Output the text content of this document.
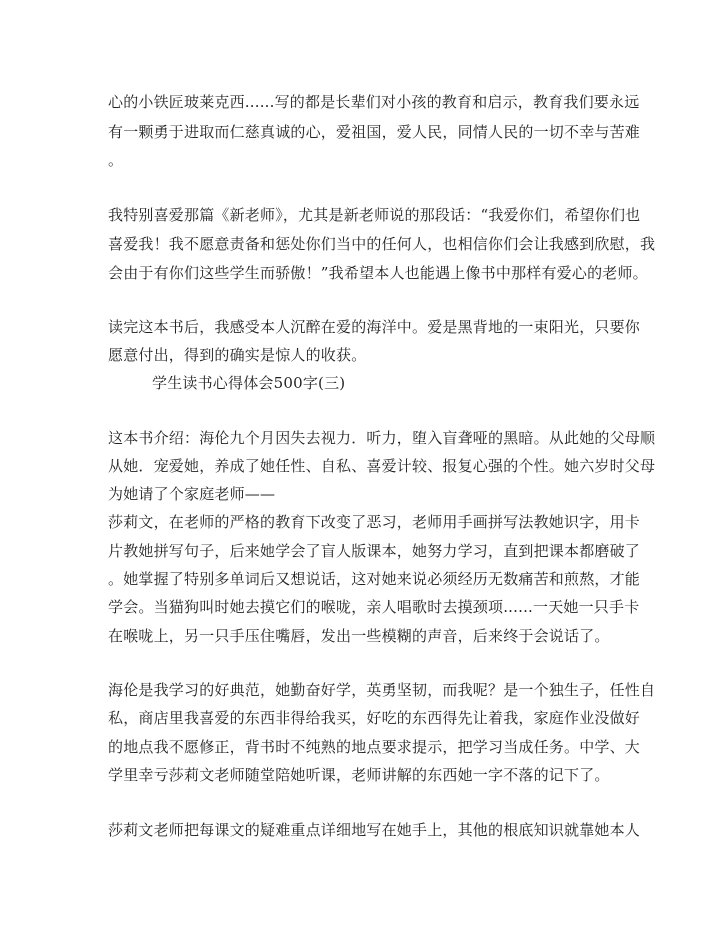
心的小铁匠玻莱克西......写的都是长辈们对小孩的教育和启示，教育我们要永远
有一颗勇于进取而仁慈真诚的心，爱祖国，爱人民，同情人民的一切不幸与苦难
。
我特别喜爱那篇《新老师》，尤其是新老师说的那段话：“我爱你们，希望你们也
喜爱我！我不愿意责备和惩处你们当中的任何人，也相信你们会让我感到欣慰，我
会由于有你们这些学生而骄傲！”我希望本人也能遇上像书中那样有爱心的老师。
读完这本书后，我感受本人沉醉在爱的海洋中。爱是黑背地的一束阳光，只要你
愿意付出，得到的确实是惊人的收获。
学生读书心得体会500字(三)
这本书介绍：海伦九个月因失去视力．听力，堕入盲聋哑的黑暗。从此她的父母顺
从她．宠爱她，养成了她任性、自私、喜爱计较、报复心强的个性。她六岁时父母
为她请了个家庭老师——
莎莉文，在老师的严格的教育下改变了恶习，老师用手画拼写法教她识字，用卡
片教她拼写句子，后来她学会了盲人版课本，她努力学习，直到把课本都磨破了
。她掌握了特别多单词后又想说话，这对她来说必须经历无数痛苦和煎熬，才能
学会。当猫狗叫时她去摸它们的喉咙，亲人唱歌时去摸颈项......一天她一只手卡
在喉咙上，另一只手压住嘴唇，发出一些模糊的声音，后来终于会说话了。
海伦是我学习的好典范，她勤奋好学，英勇坚韧，而我呢？是一个独生子，任性自
私，商店里我喜爱的东西非得给我买，好吃的东西得先让着我，家庭作业没做好
的地点我不愿修正，背书时不纯熟的地点要求提示，把学习当成任务。中学、大
学里幸亏莎莉文老师随堂陪她听课，老师讲解的东西她一字不落的记下了。
莎莉文老师把每课文的疑难重点详细地写在她手上，其他的根底知识就靠她本人
